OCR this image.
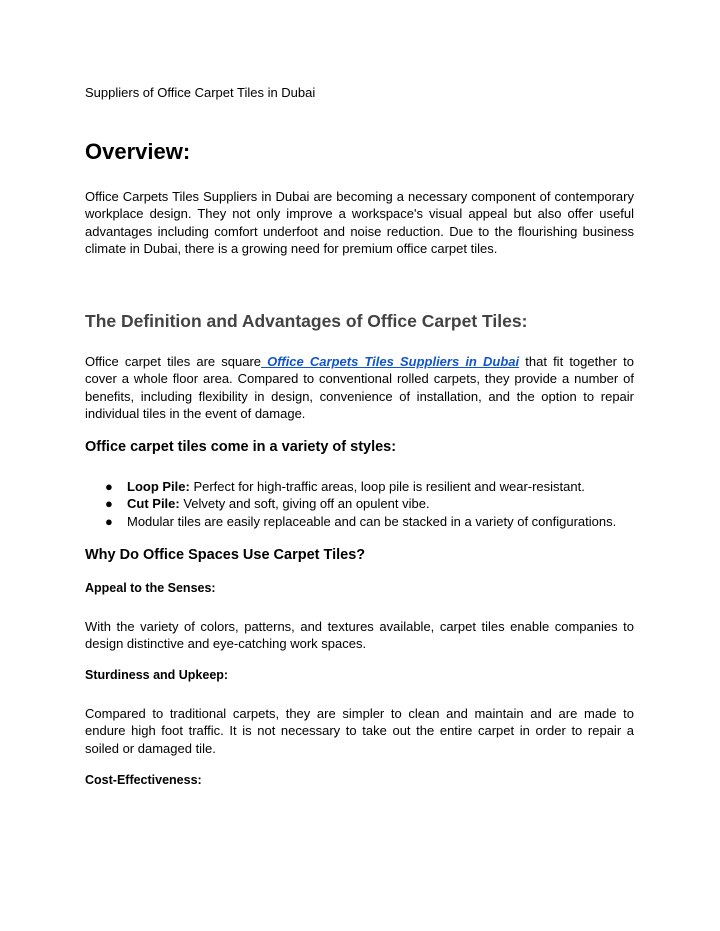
Suppliers of Office Carpet Tiles in Dubai

Overview:

Office Carpets Tiles Suppliers in Dubai are becoming a necessary component of contemporary workplace design. They not only improve a workspace's visual appeal but also offer useful advantages including comfort underfoot and noise reduction. Due to the flourishing business climate in Dubai, there is a growing need for premium office carpet tiles.

The Definition and Advantages of Office Carpet Tiles:

Office carpet tiles are square Office Carpets Tiles Suppliers in Dubai that fit together to cover a whole floor area. Compared to conventional rolled carpets, they provide a number of benefits, including flexibility in design, convenience of installation, and the option to repair individual tiles in the event of damage.

Office carpet tiles come in a variety of styles:
● Loop Pile: Perfect for high-traffic areas, loop pile is resilient and wear-resistant.
● Cut Pile: Velvety and soft, giving off an opulent vibe.
● Modular tiles are easily replaceable and can be stacked in a variety of configurations.
Why Do Office Spaces Use Carpet Tiles?
Appeal to the Senses:

With the variety of colors, patterns, and textures available, carpet tiles enable companies to design distinctive and eye-catching work spaces.

Sturdiness and Upkeep:

Compared to traditional carpets, they are simpler to clean and maintain and are made to endure high foot traffic. It is not necessary to take out the entire carpet in order to repair a soiled or damaged tile.

Cost-Effectiveness:
